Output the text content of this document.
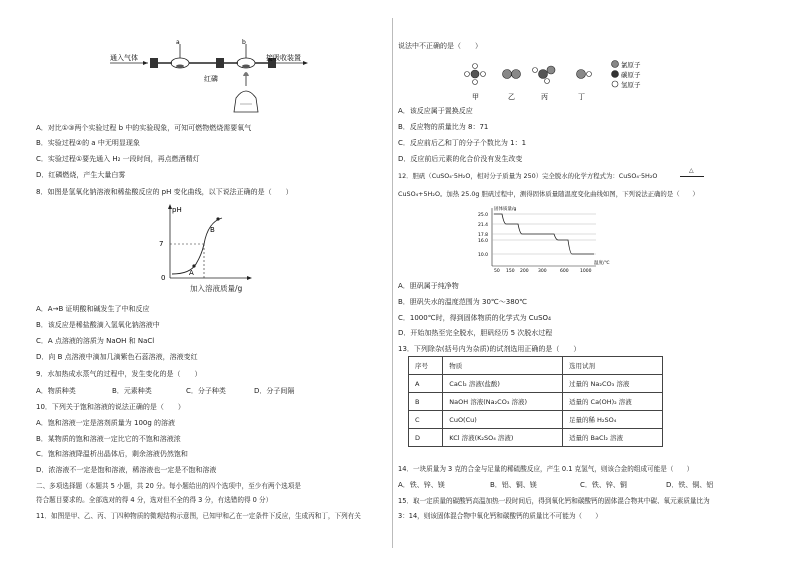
通入气体
a	b
红磷
接吸收装置
A．对比①③两个实验过程 b 中的实验现象，可知可燃物燃烧需要氧气
B．实验过程②的 a 中无明显现象
C．实验过程①要先通入 H₂ 一段时间，再点燃酒精灯
D．红磷燃烧，产生大量白雾
8．如图是氢氧化钠溶液和稀盐酸反应的 pH 变化曲线，以下说法正确的是（　　）
pH
7
0
A
B
加入溶液质量/g
A．A→B 证明酸和碱发生了中和反应
B．该反应是稀盐酸滴入氢氧化钠溶液中
C．A 点溶液的溶质为 NaOH 和 NaCl
D．向 B 点溶液中滴加几滴紫色石蕊溶液，溶液变红
9．水加热成水蒸气的过程中，发生变化的是（　　）
A．物质种类	B．元素种类	C．分子种类	D．分子间隔
10．下列关于饱和溶液的说法正确的是（　　）
A．饱和溶液一定是溶剂质量为 100g 的溶液
B．某物质的饱和溶液一定比它的不饱和溶液浓
C．饱和溶液降温析出晶体后，剩余溶液仍然饱和
D．浓溶液不一定是饱和溶液，稀溶液也一定是不饱和溶液
二、多项选择题（本题共 5 小题，共 20 分。每小题给出的四个选项中，至少有两个选项是
符合题目要求的。全部选对的得 4 分，选对但不全的得 3 分，有选错的得 0 分）
11．如图是甲、乙、丙、丁四种物质的微观结构示意图，已知甲和乙在一定条件下反应，生成丙和丁，下列有关
说法中不正确的是（　　）
氯原子
碳原子
氢原子
甲	乙	丙	丁
A．该反应属于置换反应
B．反应物的质量比为 8：71
C．反应前后乙和丁的分子个数比为 1：1
D．反应前后元素的化合价没有发生改变
12．胆矾（CuSO₄·5H₂O，相对分子质量为 250）完全脱水的化学方程式为：CuSO₄·5H₂O
△
CuSO₄+5H₂O。加热 25.0g 胆矾过程中，测得固体质量随温度变化曲线如图，下列说法正确的是（　　）
固体质量/g
25.0
21.4
17.8
16.0
10.0
50 150 200 300	600	1000
温度/℃
A．胆矾属于纯净物
B．胆矾失水的温度范围为 30℃～380℃
C．1000℃时，得到固体物质的化学式为 CuSO₄
D．开始加热至完全脱水，胆矾经历 5 次脱水过程
13．下列除杂(括号内为杂质)的试剂选用正确的是（　　）
序号	物质	选用试剂
A	CaCl₂ 溶液(盐酸)	过量的 Na₂CO₃ 溶液
B	NaOH 溶液(Na₂CO₃ 溶液)	适量的 Ca(OH)₂ 溶液
C	CuO(Cu)	足量的稀 H₂SO₄
D	KCl 溶液(K₂SO₄ 溶液)	适量的 BaCl₂ 溶液
14．一块质量为 3 克的合金与足量的稀硫酸反应，产生 0.1 克氢气，则该合金的组成可能是（　　）
A．铁、锌、镁	B．铝、铜、镁	C．铁、锌、铜	D．铁、铜、铝
15．取一定质量的碳酸钙高温加热一段时间后，得到氧化钙和碳酸钙的固体混合物其中碳、氧元素质量比为
3：14，则该固体混合物中氧化钙和碳酸钙的质量比不可能为（　　）
